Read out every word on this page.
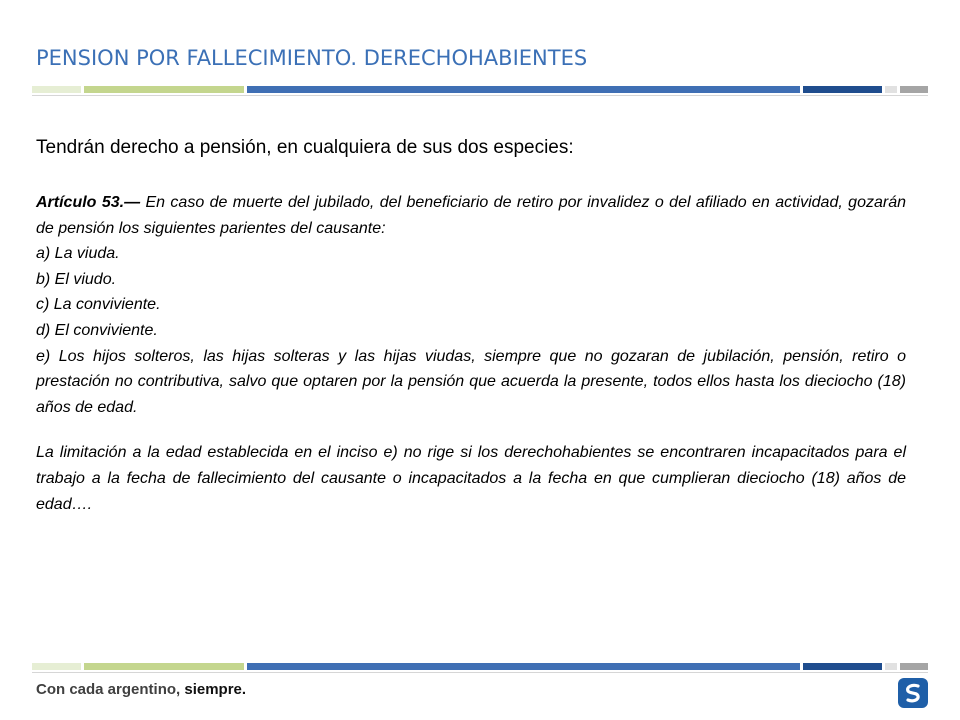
PENSION POR FALLECIMIENTO. DERECHOHABIENTES
Tendrán derecho a pensión, en cualquiera de sus dos especies:

Artículo 53.— En caso de muerte del jubilado, del beneficiario de retiro por invalidez o del afiliado en actividad, gozarán de pensión los siguientes parientes del causante:

a) La viuda.

b) El viudo.

c) La conviviente.

d) El conviviente.

e) Los hijos solteros, las hijas solteras y las hijas viudas, siempre que no gozaran de jubilación, pensión, retiro o prestación no contributiva, salvo que optaren por la pensión que acuerda la presente, todos ellos hasta los dieciocho (18) años de edad.

La limitación a la edad establecida en el inciso e) no rige si los derechohabientes se encontraren incapacitados para el trabajo a la fecha de fallecimiento del causante o incapacitados a la fecha en que cumplieran dieciocho (18) años de edad….

Con cada argentino, siempre.
